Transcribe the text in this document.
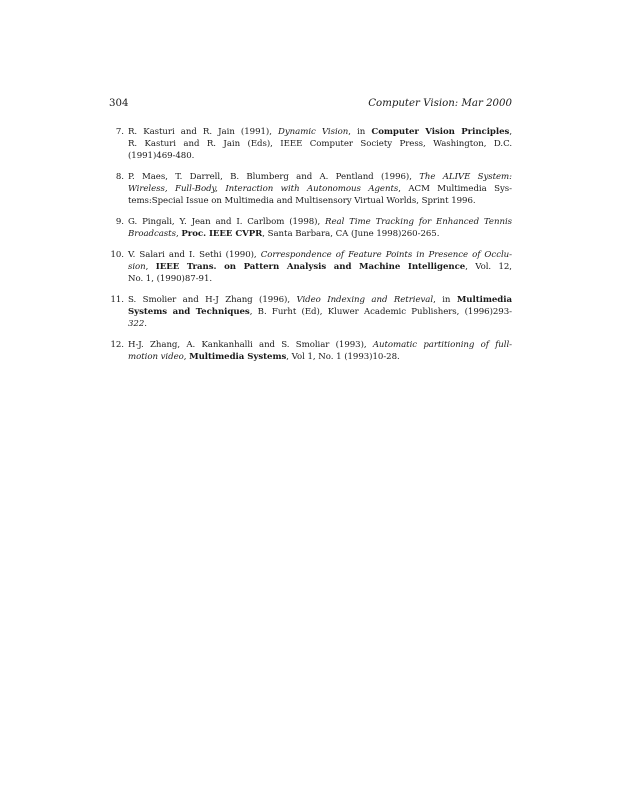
304	Computer Vision: Mar 2000
7. R. Kasturi and R. Jain (1991), Dynamic Vision, in Computer Vision Principles,
R. Kasturi and R. Jain (Eds), IEEE Computer Society Press, Washington, D.C.
(1991)469-480.
8. P. Maes, T. Darrell, B. Blumberg and A. Pentland (1996), The ALIVE System:
Wireless, Full-Body, Interaction with Autonomous Agents, ACM Multimedia Sys-
tems:Special Issue on Multimedia and Multisensory Virtual Worlds, Sprint 1996.
9. G. Pingali, Y. Jean and I. Carlbom (1998), Real Time Tracking for Enhanced Tennis
Broadcasts, Proc. IEEE CVPR, Santa Barbara, CA (June 1998)260-265.
10. V. Salari and I. Sethi (1990), Correspondence of Feature Points in Presence of Occlu-
sion, IEEE Trans. on Pattern Analysis and Machine Intelligence, Vol. 12,
No. 1, (1990)87-91.
11. S. Smolier and H-J Zhang (1996), Video Indexing and Retrieval, in Multimedia
Systems and Techniques, B. Furht (Ed), Kluwer Academic Publishers, (1996)293-
322.
12. H-J. Zhang, A. Kankanhalli and S. Smoliar (1993), Automatic partitioning of full-
motion video, Multimedia Systems, Vol 1, No. 1 (1993)10-28.
